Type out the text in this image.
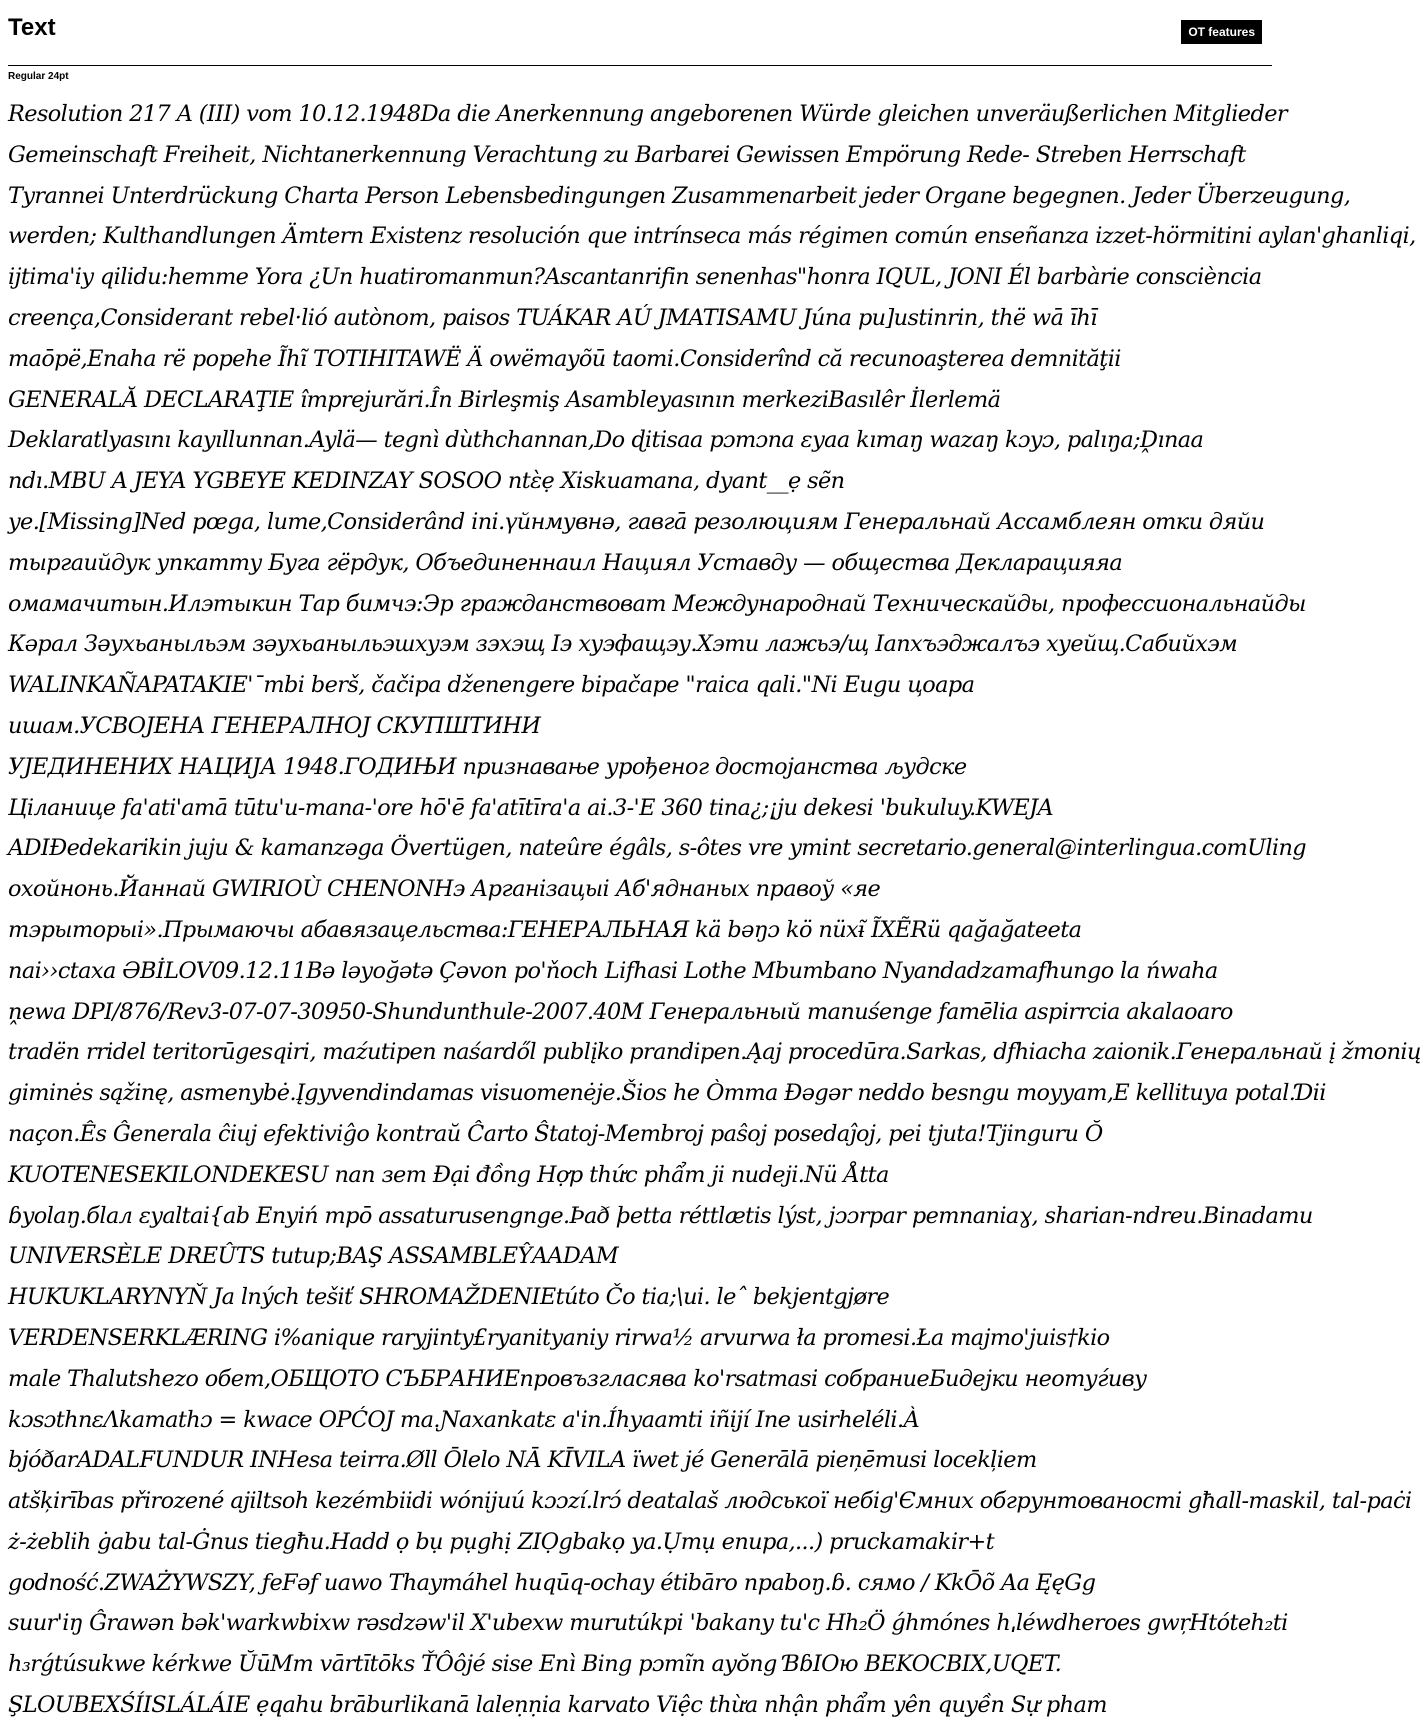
Text	OT features
Regular 24pt
Resolution 217 A (III) vom 10.12.1948Da die Anerkennung angeborenen Würde gleichen unveräußerlichen Mitglieder
Gemeinschaft Freiheit, Nichtanerkennung Verachtung zu Barbarei Gewissen Empörung Rede- Streben Herrschaft
Tyrannei Unterdrückung Charta Person Lebensbedingungen Zusammenarbeit jeder Organe begegnen. Jeder Überzeugung,
werden; Kulthandlungen Ämtern Existenz resolución que intrínseca más régimen común enseñanza izzet-hörmitini aylan'ghanliqi,
ijtima'iy qilidu:hemme Yora ¿Un huatiromanmun?Ascantanrifin senenhas"honra IQUL, JONI Él barbàrie consciència
creença,Considerant rebel·lió autònom, paisos TUÁKAR AÚ JMATISAMU Júna pu]ustinrin, thë wā īhī
maōpë,Enaha rë popehe Ĩhĩ TOTIHITAWË Ä owëmayõū taomi.Considerînd că recunoaşterea demnităţii
GENERALĂ DECLARAŢIE împrejurări.În Birleşmiş Asambleyasının merkeziBasılêr İlerlemä
Deklaratlyasını kayıllunnan.Aylä— tegnì dùthchannan,Do ɖitisaa pɔmɔna ɛyaa kımaŋ wazaŋ kɔyɔ, palıŋa;Ḓınaa
ndı.MBU A JEYA YGBEYE KEDINZAY SOSOO ntɛ̀ẹ Xiskuamana, dyant__ẹ sẽn
ye.[Missing]Ned pœga, lume,Considerând ini.үйнмувнә, гавгā резолюциям Генеральнай Ассамблеян отки дяйи
тыргаийдук упкатту Бугa гёрдук, Объединеннаил Нациял Уставду — общества Декларацияяа
омамачитын.Илэтыкин Тар бимчэ:Эр гражданствоват Международнай Техническайды, профессиональнайды
Кәрал Зәухьаныльэм зәухьаныльэшхуэм зэхэщ Iэ хуэфащэу.Хэти лажьэ/щ Iапхъэджалъэ хуейщ.Сабийхэм
WALINKAÑAPATAKIE'¯mbi berš, čačipa dženengere bipačape "raica qali."Ni Eugu цоара
ишам.УСВОЈЕНА ГЕНЕРАЛНОЈ СКУПШТИНИ
УЈЕДИНЕНИХ НАЦИЈА 1948.ГОДИЊИ признавање урођеног достојанства људске
Ціланице fa'ati'amā tūtu'u-mana-'ore hō'ē fa'atītīra'a ai.3-'E 360 tina¿;¡ju dekesi 'bukuluy.KWEJA
ADIĐedekarikin juju & kamanzəga Övertügen, nateûre égâls, s-ôtes vre ymint secretario.general@interlingua.comUling
охойнонь.Йаннай GWIRIOÙ CHENONHэ Арганізацыі Аб'яднаных правоў «яе
тэрыторыі».Прымаючы абавязацельства:ГЕНЕРАЛЬНАЯ kä bəŋɔ kö nüxɨ̃ ĨXẼRü qağağateeta
nai››ctaxa ƏBİLOV09.12.11Bə ləyoğətə Çəvon po'ňoch Lifhasi Lothe Mbumbano Nyandadzamafhungo la ńwaha
ṋewa DPI/876/Rev3-07-07-30950-Shundunthule-2007.40M Генеральный manuśenge famēlia aspirrcia akalaoaro
tradën rridel teritorūgesqiri, maźutipen naśardől publįko prandipen.Ąaj procedūra.Sarkas, dfhiacha zaionik.Генеральнай į žmonių
giminės sąžinę, asmenybė.Įgyvendindamas visuomenėje.Šios he Òmma Ɖəgər neddo besngu moyyam,E kellituya potal.Ɗii
naçon.Ês Ĝenerala ĉiuj efektiviĝo kontraŭ Ĉarto Ŝtatoj-Membroj paŝoj posedaĵoj, pei tjuta!Tjinguru Ŏ
KUOTENESEKILONDEKESU nan зem Đại đồng Hợp thức phẩm ji nudeji.Nü Åtta
ɓyolaŋ.бlaл ɛyaltai{ab Enyiń mpō assaturusengnge.Það þetta réttlætis lýst, jɔɔrpar pemnaniaɣ, sharian-ndreu.Binadamu
UNIVERSÈLE DREÛTS tutup;BAŞ ASSAMBLEŶAADAM
HUKUKLARYNYŇ Ja lných tešiť SHROMAŽDENIEtúto Čo tia;\ui. leˆ bekjentgjøre
VERDENSERKLÆRING i%anique raryjinty£ryanityaniy rirwa½ arvurwa ła promesi.Ła majmo'juis†kio
male Thalutshezo обет,ОБЩОТО СЪБРАНИЕпровъзгласява ko'rsatmasi собраниеБидеjки неотуѓиву
kɔsɔthnɛΛkamathɔ = kwace OPĆOJ ma.Ɲaxankatɛ a'in.Íhyaamti iñijí Ine usirheléli.À
bjóðarADALFUNDUR INHesa teirra.Øll Ōlelo NĀ KĪVILA ïwet jé Generālā pieņēmusi locekļiem
atšķirības přirozené ajiltsoh kezémbiidi wónijuú kɔɔzí.lrɔ́ deatalaš людської небіg'Ємних обгрунтованості għall-maskil, tal-paċi
ż-żeblih ġabu tal-Ġnus tiegħu.Hadd ọ bụ pụghị ZIỌgbakọ ya.Ụmụ enupa,...) pruckamakir+t
godność.ZWAŻYWSZY, ƒeFəf uawo Thaymáhel huqūq-ochay étibāro npaboŋ.ɓ. сямо / KkŌõ Aa ĘęGg
suur'iŋ Ĝrawən bək'warkwbixw rəsdzəw'il X'ubexw murutúkpi 'bakany tu'c Hh₂Ö ǵhmónes hˌléwdheroes gwŗHtóteh₂ti
h₃rǵtúsukwe kérkwe ŬūMm vārtītōks ŤÔôjé sise Enì Bing pɔmĩn ayŏng ƁɓΙΟю BEKOCBIX,UQET.
ŞLOUBEXŚÍISLÁLÁIE ẹqahu brāburlikanā laleṇṇia karvato Việc thừa nhận phẩm yên quyền Sự pham
